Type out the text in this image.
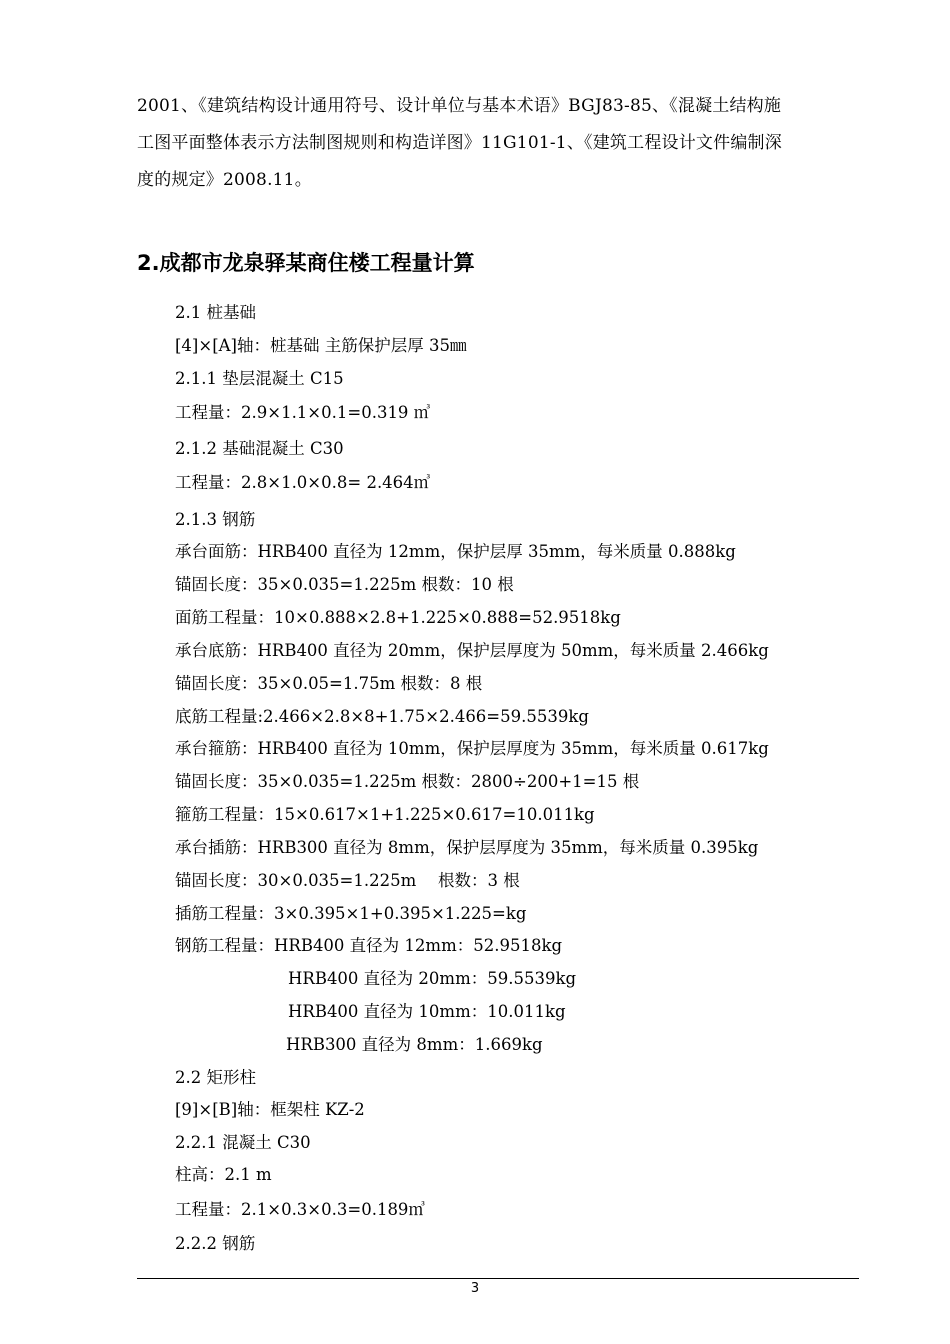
2001、《建筑结构设计通用符号、设计单位与基本术语》BGJ83-85、《混凝土结构施

工图平面整体表示方法制图规则和构造详图》11G101-1、《建筑工程设计文件编制深

度的规定》2008.11。

2.成都市龙泉驿某商住楼工程量计算
2.1 桩基础
[4]×[A]轴：桩基础 主筋保护层厚 35㎜
2.1.1 垫层混凝土 C15
工程量：2.9×1.1×0.1=0.319 ㎥
2.1.2 基础混凝土 C30
工程量：2.8×1.0×0.8= 2.464㎥
2.1.3 钢筋
承台面筋：HRB400 直径为 12mm，保护层厚 35mm，每米质量 0.888kg
锚固长度：35×0.035=1.225m 根数：10 根
面筋工程量：10×0.888×2.8+1.225×0.888=52.9518kg
承台底筋：HRB400 直径为 20mm，保护层厚度为 50mm，每米质量 2.466kg
锚固长度：35×0.05=1.75m 根数：8 根
底筋工程量:2.466×2.8×8+1.75×2.466=59.5539kg
承台箍筋：HRB400 直径为 10mm，保护层厚度为 35mm，每米质量 0.617kg
锚固长度：35×0.035=1.225m 根数：2800÷200+1=15 根
箍筋工程量：15×0.617×1+1.225×0.617=10.011kg
承台插筋：HRB300 直径为 8mm，保护层厚度为 35mm，每米质量 0.395kg
锚固长度：30×0.035=1.225m　 根数：3 根
插筋工程量：3×0.395×1+0.395×1.225=kg
钢筋工程量：HRB400 直径为 12mm：52.9518kg
HRB400 直径为 20mm：59.5539kg
HRB400 直径为 10mm：10.011kg
HRB300 直径为 8mm：1.669kg
2.2 矩形柱
[9]×[B]轴：框架柱 KZ-2
2.2.1 混凝土 C30
柱高：2.1 m
工程量：2.1×0.3×0.3=0.189㎥
2.2.2 钢筋
3
